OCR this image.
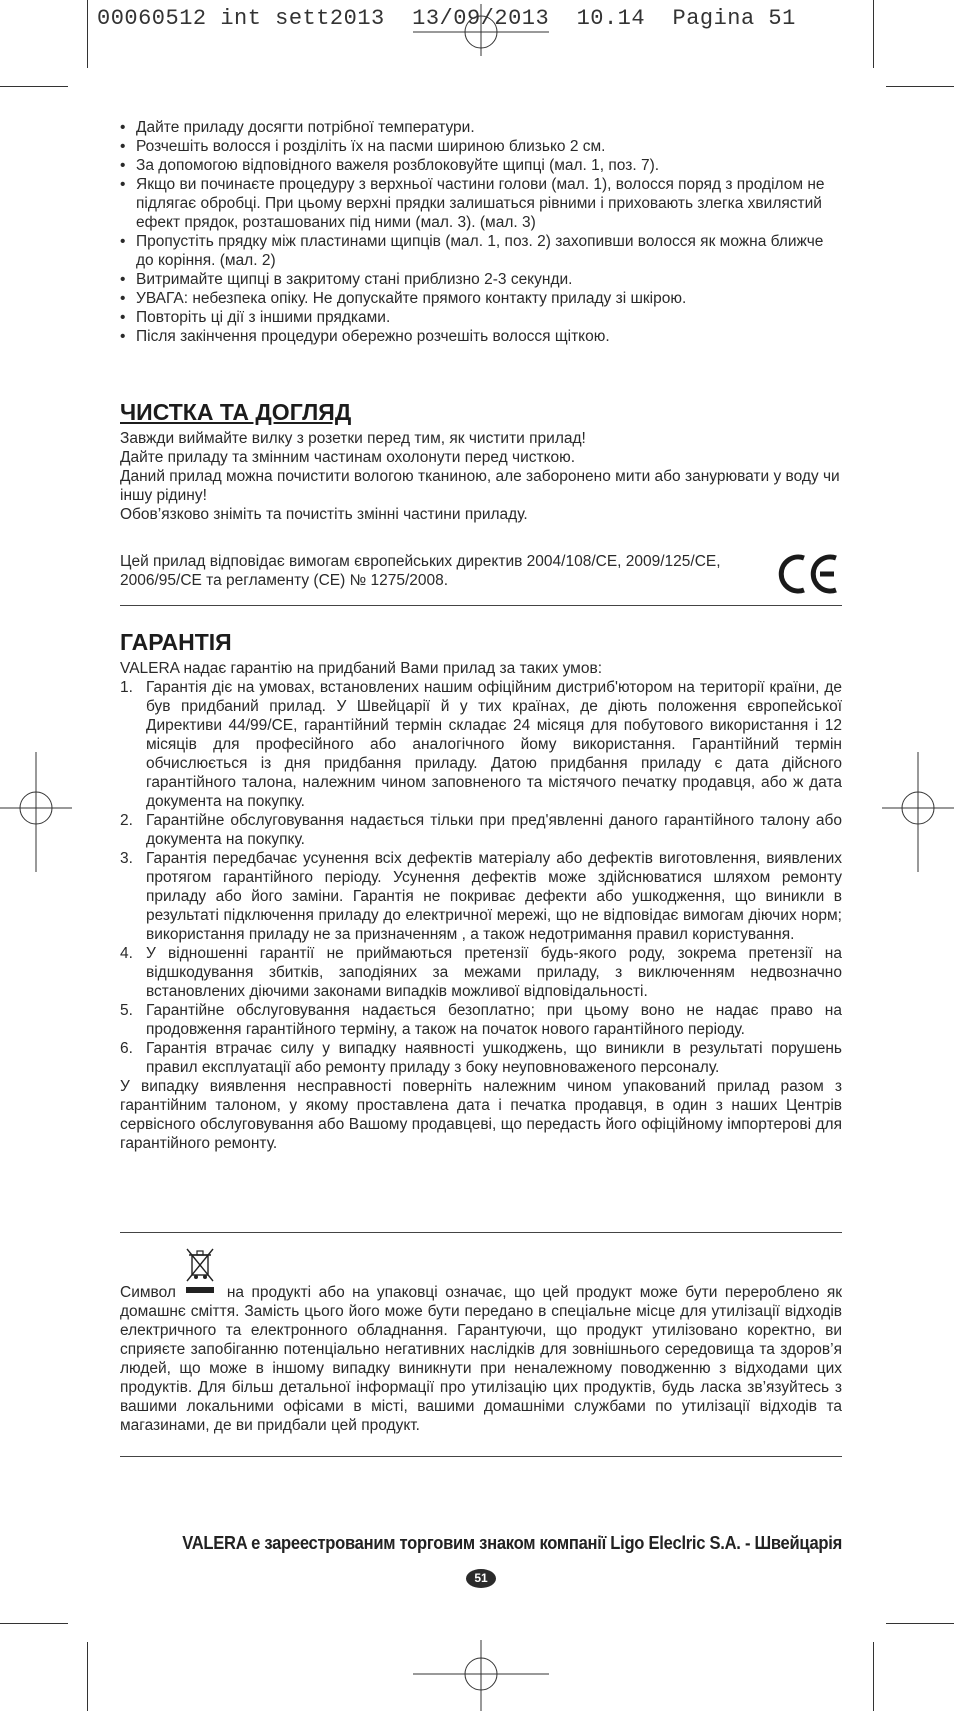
00060512 int sett2013  13/09/2013  10.14  Pagina 51
• Дайте приладу досягти потрібної температури.
• Розчешіть волосся і розділіть їх на пасми шириною близько 2 см.
• За допомогою відповідного важеля розблоковуйте щипці (мал. 1, поз. 7).
• Якщо ви починаєте процедуру з верхньої частини голови (мал. 1), волосся поряд з проділом не підлягає обробці. При цьому верхні прядки залишаться рівними і приховають злегка хвилястий ефект прядок, розташованих під ними (мал. 3). (мал. 3)
• Пропустіть прядку між пластинами щипців (мал. 1, поз. 2) захопивши волосся як можна ближче до коріння. (мал. 2)
• Витримайте щипці в закритому стані приблизно 2-3 секунди.
• УВАГА: небезпека опіку. Не допускайте прямого контакту приладу зі шкірою.
• Повторіть ці дії з іншими прядками.
• Після закінчення процедури обережно розчешіть волосся щіткою.
ЧИСТКА ТА ДОГЛЯД

Завжди виймайте вилку з розетки перед тим, як чистити прилад!

Дайте приладу та змінним частинам охолонути перед чисткою.

Даний прилад можна почистити вологою тканиною, але заборонено мити або занурювати у воду чи іншу рідину!

Обов’язково зніміть та почистіть змінні частини приладу.

Цей прилад відповідає вимогам європейських директив 2004/108/CE, 2009/125/CE, 2006/95/CE та регламенту (CE) № 1275/2008.
ГАРАНТІЯ

VALERA надає гарантію на придбаний Вами прилад за таких умов:

1. Гарантія діє на умовах, встановлених нашим офіційним дистриб'ютором на території країни, де був придбаний прилад. У Швейцарії й у тих країнах, де діють положення європейської Директиви 44/99/CE, гарантійний термін складає 24 місяця для побутового використання і 12 місяців для професійного або аналогічного йому використання. Гарантійний термін обчислюється із дня придбання приладу. Датою придбання приладу є дата дійсного гарантійного талона, належним чином заповненого та містячого печатку продавця, або ж дата документа на покупку.
2. Гарантійне обслуговування надається тільки при пред'явленні даного гарантійного талону або документа на покупку.
3. Гарантія передбачає усунення всіх дефектів матеріалу або дефектів виготовлення, виявлених протягом гарантійного періоду. Усунення дефектів може здійснюватися шляхом ремонту приладу або його заміни. Гарантія не покриває дефекти або ушкодження, що виникли в результаті підключення приладу до електричної мережі, що не відповідає вимогам діючих норм; використання приладу не за призначенням , а також недотримання правил користування.
4. У відношенні гарантії не приймаються претензії будь-якого роду, зокрема претензії на відшкодування збитків, заподіяних за межами приладу, з виключенням недвозначно встановлених діючими законами випадків можливої відповідальності.
5. Гарантійне обслуговування надається безоплатно; при цьому воно не надає право на продовження гарантійного терміну, а також на початок нового гарантійного періоду.
6. Гарантія втрачає силу у випадку наявності ушкоджень, що виникли в результаті порушень правил експлуатації або ремонту приладу з боку неуповноваженого персоналу.

У випадку виявлення несправності поверніть належним чином упакований прилад разом з гарантійним талоном, у якому проставлена дата і печатка продавця, в один з наших Центрів сервісного обслуговування або Вашому продавцеві, що передасть його офіційному імпортерові для гарантійного ремонту.

Символ	на продукті або на упаковці означає, що цей продукт може бути перероблено як домашнє сміття. Замість цього його може бути передано в спеціальне місце для утилізації відходів електричного та електронного обладнання. Гарантуючи, що продукт утилізовано коректно, ви сприяєте запобіганню потенціально негативних наслідків для зовнішнього середовища та здоров’я людей, що може в іншому випадку виникнути при неналежному поводженню з відходами цих продуктів. Для більш детальної інформації про утилізацію цих продуктів, будь ласка зв’язуйтесь з вашими локальними офісами в місті, вашими домашніми службами по утилізації відходів та магазинами, де ви придбали цей продукт.

VALERA е зареестрованим торговим знаком компанії Ligo Eleclric S.A. - Швейцарія
51
